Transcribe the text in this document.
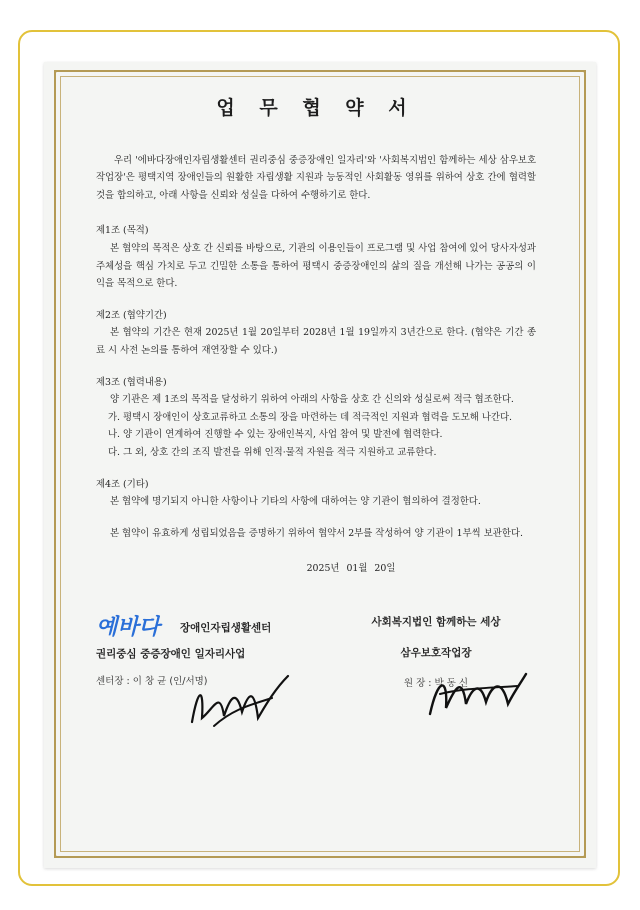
업 무 협 약 서

우리 '에바다장애인자립생활센터 권리중심 중증장애인 일자리'와 '사회복지법인 함께하는 세상 삼우보호작업장'은 평택지역 장애인들의 원활한 자립생활 지원과 능동적인 사회활동 영위를 위하여 상호 간에 협력할 것을 합의하고, 아래 사항을 신뢰와 성실을 다하여 수행하기로 한다.

제1조 (목적)

본 협약의 목적은 상호 간 신뢰를 바탕으로, 기관의 이용인들이 프로그램 및 사업 참여에 있어 당사자성과 주체성을 핵심 가치로 두고 긴밀한 소통을 통하여 평택시 중증장애인의 삶의 질을 개선해 나가는 공공의 이익을 목적으로 한다.

제2조 (협약기간)

본 협약의 기간은 현재 2025년 1월 20일부터 2028년 1월 19일까지 3년간으로 한다. (협약은 기간 종료 시 사전 논의를 통하여 재연장할 수 있다.)

제3조 (협력내용)

양 기관은 제 1조의 목적을 달성하기 위하여 아래의 사항을 상호 간 신의와 성실로써 적극 협조한다.

가. 평택시 장애인이 상호교류하고 소통의 장을 마련하는 데 적극적인 지원과 협력을 도모해 나간다.

나. 양 기관이 연계하여 진행할 수 있는 장애인복지, 사업 참여 및 발전에 협력한다.

다. 그 외, 상호 간의 조직 발전을 위해 인적·물적 자원을 적극 지원하고 교류한다.

제4조 (기타)

본 협약에 명기되지 아니한 사항이나 기타의 사항에 대하여는 양 기관이 협의하여 결정한다.

본 협약이 유효하게 성립되었음을 증명하기 위하여 협약서 2부를 작성하여 양 기관이 1부씩 보관한다.

2025년 01월 20일

예바다 장애인자립생활센터

권리중심 중증장애인 일자리사업

센터장 : 이 창 균 (인/서명)

사회복지법인 함께하는 세상

삼우보호작업장

원 장 : 박 동 신
